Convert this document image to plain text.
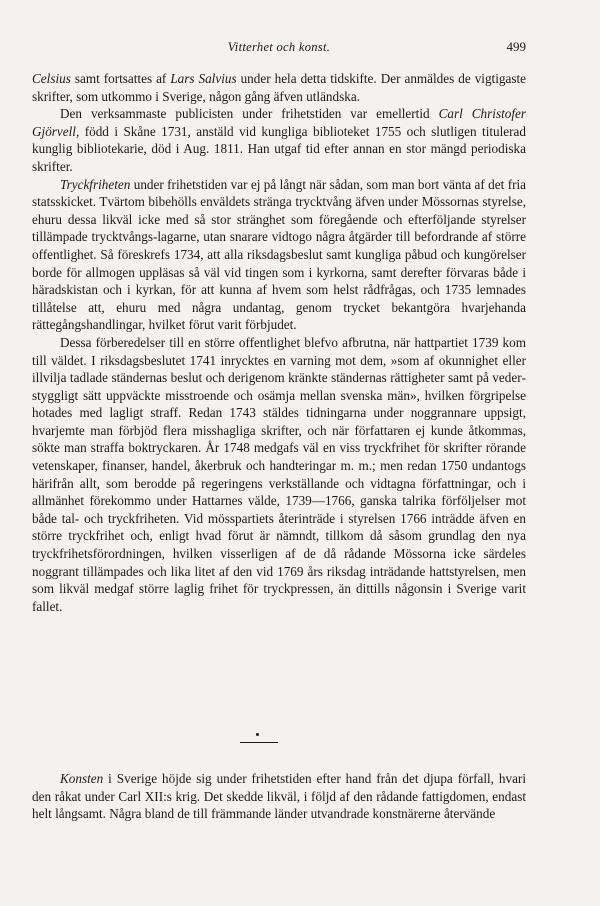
Vitterhet och konst.	499

Celsius samt fortsattes af Lars Salvius under hela detta tidskifte. Der anmäldes de vigtigaste skrifter, som utkommo i Sverige, någon gång äfven utländska.

Den verksammaste publicisten under frihetstiden var emellertid Carl Christofer Gjörvell, född i Skåne 1731, anstäld vid kungliga biblioteket 1755 och slutligen titulerad kunglig bibliotekarie, död i Aug. 1811. Han utgaf tid efter annan en stor mängd periodiska skrifter.

Tryckfriheten under frihetstiden var ej på långt när sådan, som man bort vänta af det fria statsskicket. Tvärtom bibehölls enväldets stränga trycktvång äfven under Mössornas styrelse, ehuru dessa likväl icke med så stor stränghet som föregående och efterföljande styrelser tillämpade trycktvångs-lagarne, utan snarare vidtogo några åtgärder till befordrande af större offentlighet. Så föreskrefs 1734, att alla riksdagsbeslut samt kungliga påbud och kungörelser borde för allmogen uppläsas så väl vid tingen som i kyrkorna, samt derefter förvaras både i häradskistan och i kyrkan, för att kunna af hvem som helst rådfrågas, och 1735 lemnades tillåtelse att, ehuru med några undantag, genom trycket bekantgöra hvarjehanda rättegångshandlingar, hvilket förut varit förbjudet.

Dessa förberedelser till en större offentlighet blefvo afbrutna, när hattpartiet 1739 kom till väldet. I riksdagsbeslutet 1741 inrycktes en varning mot dem, »som af okunnighet eller illvilja tadlade ständernas beslut och derigenom kränkte ständernas rättigheter samt på vederstyggligt sätt uppväckte misstroende och osämja mellan svenska män», hvilken förgripelse hotades med lagligt straff. Redan 1743 stäldes tidningarna under noggrannare uppsigt, hvarjemte man förbjöd flera misshagliga skrifter, och när författaren ej kunde åtkommas, sökte man straffa boktryckaren. År 1748 medgafs väl en viss tryckfrihet för skrifter rörande vetenskaper, finanser, handel, åkerbruk och handteringar m. m.; men redan 1750 undantogs härifrån allt, som berodde på regeringens verkställande och vidtagna författningar, och i allmänhet förekommo under Hattarnes välde, 1739—1766, ganska talrika förföljelser mot både tal- och tryckfriheten. Vid mösspartiets återinträde i styrelsen 1766 inträdde äfven en större tryckfrihet och, enligt hvad förut är nämndt, tillkom då såsom grundlag den nya tryckfrihetsförordningen, hvilken visserligen af de då rådande Mössorna icke särdeles noggrant tillämpades och lika litet af den vid 1769 års riksdag inträdande hattstyrelsen, men som likväl medgaf större laglig frihet för tryckpressen, än dittills någonsin i Sverige varit fallet.

Konsten i Sverige höjde sig under frihetstiden efter hand från det djupa förfall, hvari den råkat under Carl XII:s krig. Det skedde likväl, i följd af den rådande fattigdomen, endast helt långsamt. Några bland de till främmande länder utvandrade konstnärerne återvände
